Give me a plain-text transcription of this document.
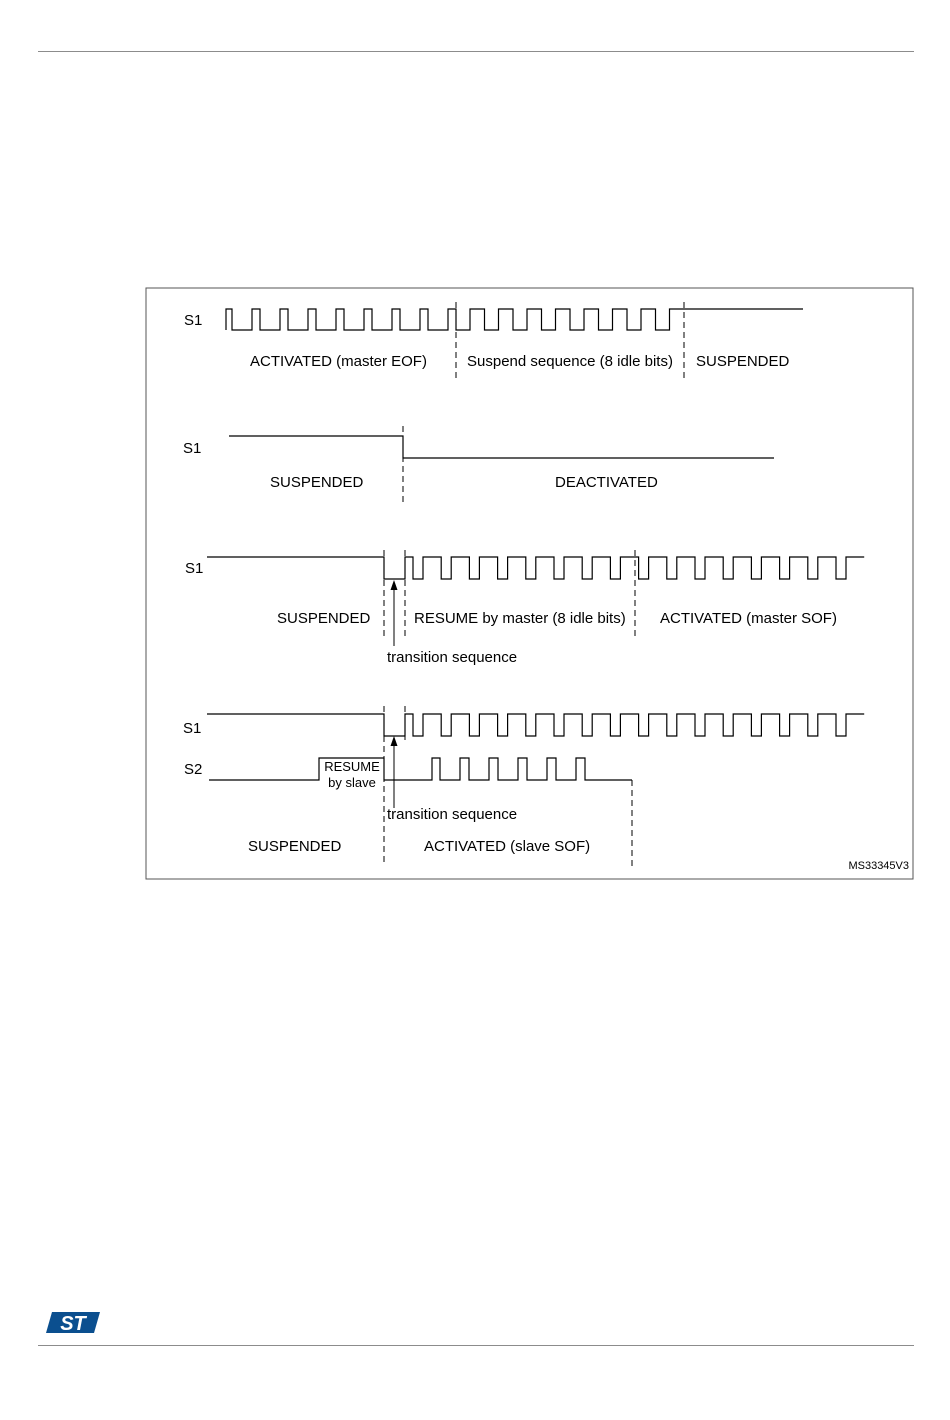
S1
ACTIVATED (master EOF)	Suspend sequence (8 idle bits) SUSPENDED
S1
SUSPENDED	DEACTIVATED
S1
SUSPENDED	RESUME by master (8 idle bits) ACTIVATED (master SOF)
transition sequence
S1
S2	RESUME
by slave
transition sequence
SUSPENDED	ACTIVATED (slave SOF)
MS33345V3
ST
